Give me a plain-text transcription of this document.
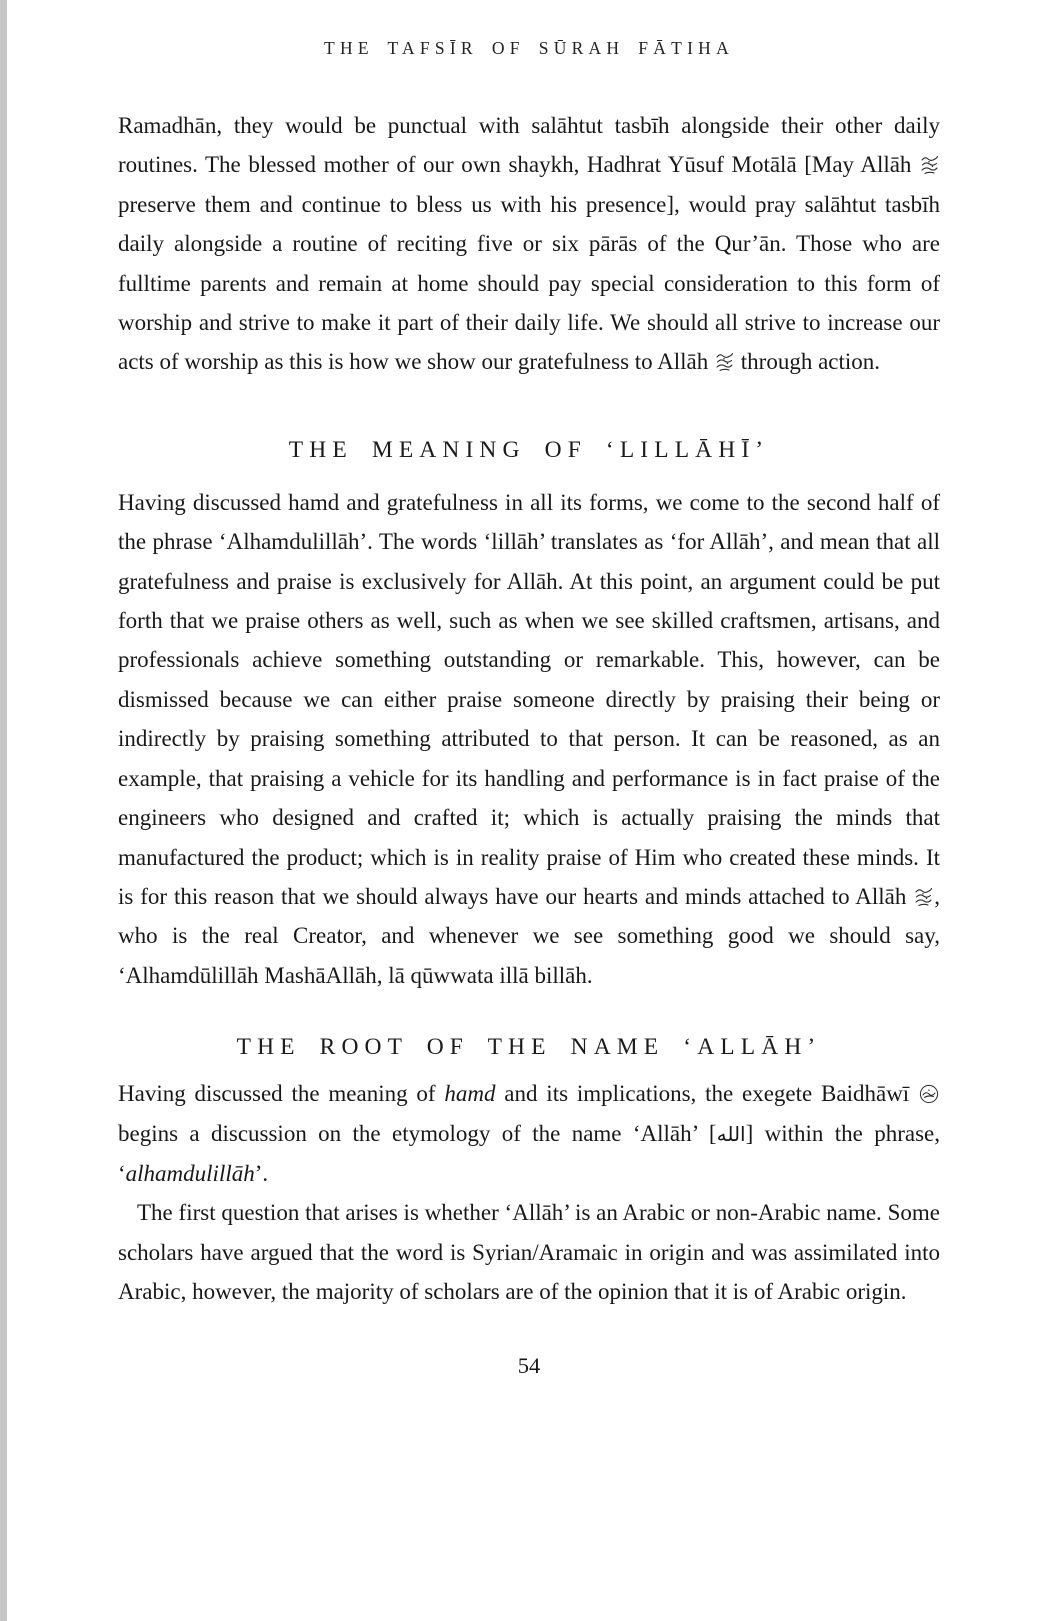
THE TAFSĪR OF SŪRAH FĀTIHA

Ramadhān, they would be punctual with salāhtut tasbīh alongside their other daily routines. The blessed mother of our own shaykh, Hadhrat Yūsuf Motālā [May Allāh  preserve them and continue to bless us with his presence], would pray salāhtut tasbīh daily alongside a routine of reciting five or six pārās of the Qur’ān. Those who are fulltime parents and remain at home should pay special consideration to this form of worship and strive to make it part of their daily life. We should all strive to increase our acts of worship as this is how we show our gratefulness to Allāh  through action.

THE MEANING OF ‘LILLĀHĪ’

Having discussed hamd and gratefulness in all its forms, we come to the second half of the phrase ‘Alhamdulillāh’. The words ‘lillāh’ translates as ‘for Allāh’, and mean that all gratefulness and praise is exclusively for Allāh. At this point, an argument could be put forth that we praise others as well, such as when we see skilled craftsmen, artisans, and professionals achieve something outstanding or remarkable. This, however, can be dismissed because we can either praise someone directly by praising their being or indirectly by praising something attributed to that person. It can be reasoned, as an example, that praising a vehicle for its handling and performance is in fact praise of the engineers who designed and crafted it; which is actually praising the minds that manufactured the product; which is in reality praise of Him who created these minds. It is for this reason that we should always have our hearts and minds attached to Allāh , who is the real Creator, and whenever we see something good we should say, ‘Alhamdūlillāh MashāAllāh, lā qūwwata illā billāh.

THE ROOT OF THE NAME ‘ALLĀH’

Having discussed the meaning of hamd and its implications, the exegete Baidhāwī  begins a discussion on the etymology of the name ‘Allāh’ [الله] within the phrase, ‘alhamdulillāh’.

The first question that arises is whether ‘Allāh’ is an Arabic or non-Arabic name. Some scholars have argued that the word is Syrian/Aramaic in origin and was assimilated into Arabic, however, the majority of scholars are of the opinion that it is of Arabic origin.

54
